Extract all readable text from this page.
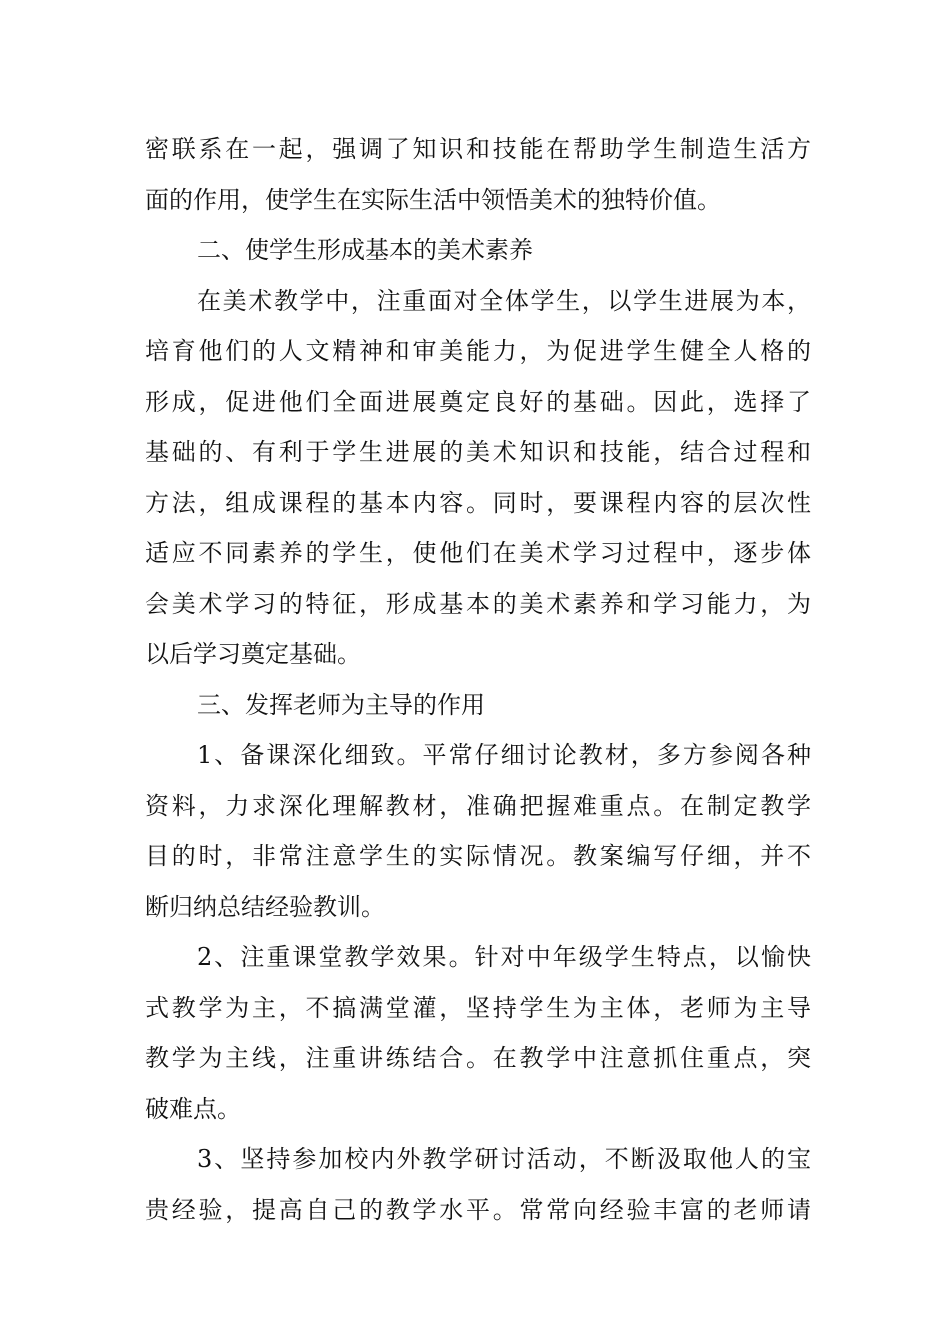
密联系在一起，强调了知识和技能在帮助学生制造生活方
面的作用，使学生在实际生活中领悟美术的独特价值。
二、使学生形成基本的美术素养
在美术教学中，注重面对全体学生，以学生进展为本，
培育他们的人文精神和审美能力，为促进学生健全人格的
形成，促进他们全面进展奠定良好的基础。因此，选择了
基础的、有利于学生进展的美术知识和技能，结合过程和
方法，组成课程的基本内容。同时，要课程内容的层次性
适应不同素养的学生，使他们在美术学习过程中，逐步体
会美术学习的特征，形成基本的美术素养和学习能力，为
以后学习奠定基础。
三、发挥老师为主导的作用
1、备课深化细致。平常仔细讨论教材，多方参阅各种
资料，力求深化理解教材，准确把握难重点。在制定教学
目的时，非常注意学生的实际情况。教案编写仔细，并不
断归纳总结经验教训。
2、注重课堂教学效果。针对中年级学生特点，以愉快
式教学为主，不搞满堂灌，坚持学生为主体，老师为主导
教学为主线，注重讲练结合。在教学中注意抓住重点，突
破难点。
3、坚持参加校内外教学研讨活动，不断汲取他人的宝
贵经验，提高自己的教学水平。常常向经验丰富的老师请
